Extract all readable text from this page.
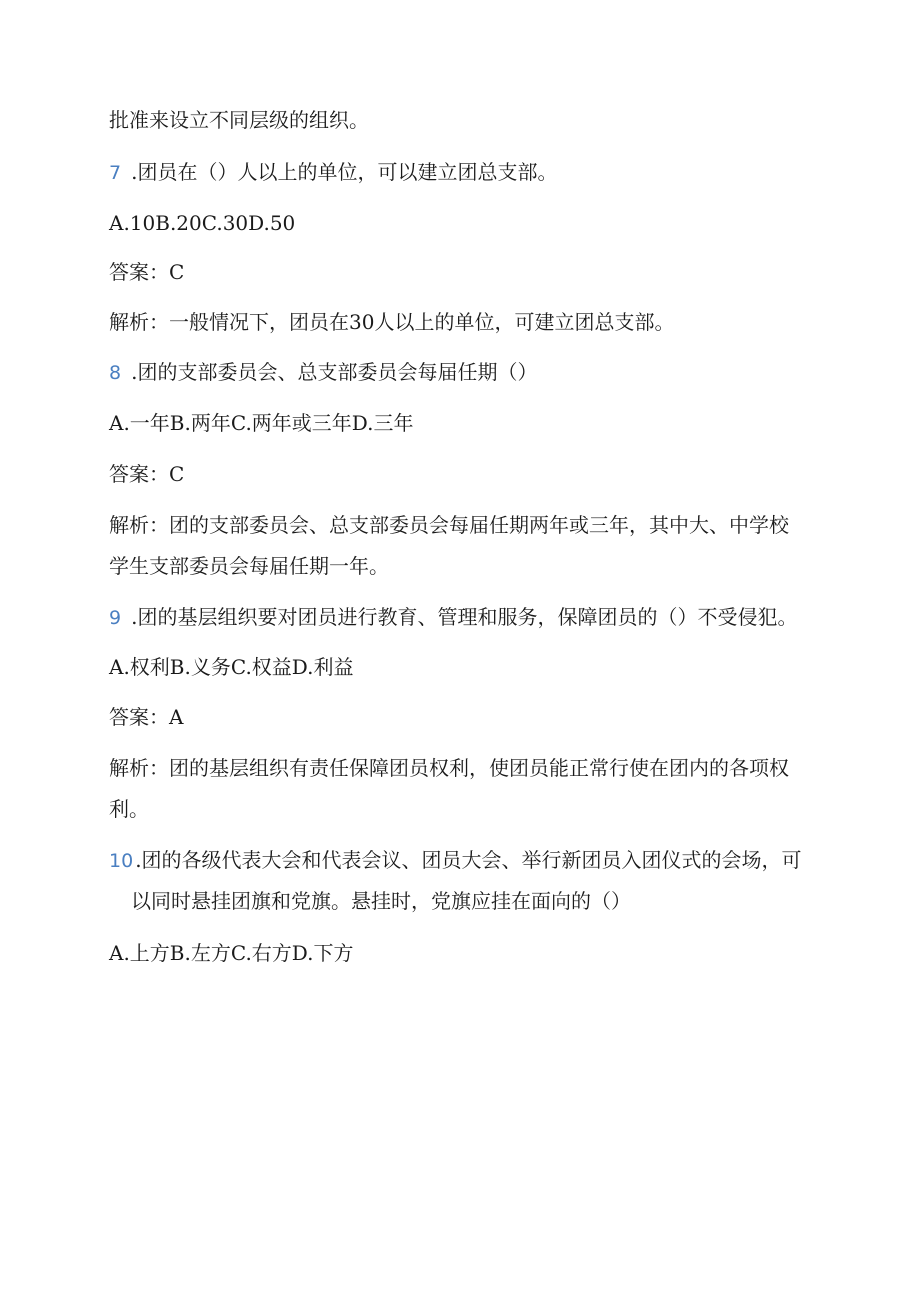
批准来设立不同层级的组织。
7 .团员在（）人以上的单位，可以建立团总支部。
A.10B.20C.30D.50
答案：C
解析：一般情况下，团员在30人以上的单位，可建立团总支部。
8 .团的支部委员会、总支部委员会每届任期（）
A.一年B.两年C.两年或三年D.三年
答案：C
解析：团的支部委员会、总支部委员会每届任期两年或三年，其中大、中学校
学生支部委员会每届任期一年。
9 .团的基层组织要对团员进行教育、管理和服务，保障团员的（）不受侵犯。
A.权利B.义务C.权益D.利益
答案：A
解析：团的基层组织有责任保障团员权利，使团员能正常行使在团内的各项权
利。
10 .团的各级代表大会和代表会议、团员大会、举行新团员入团仪式的会场，可
以同时悬挂团旗和党旗。悬挂时，党旗应挂在面向的（）
A.上方B.左方C.右方D.下方
